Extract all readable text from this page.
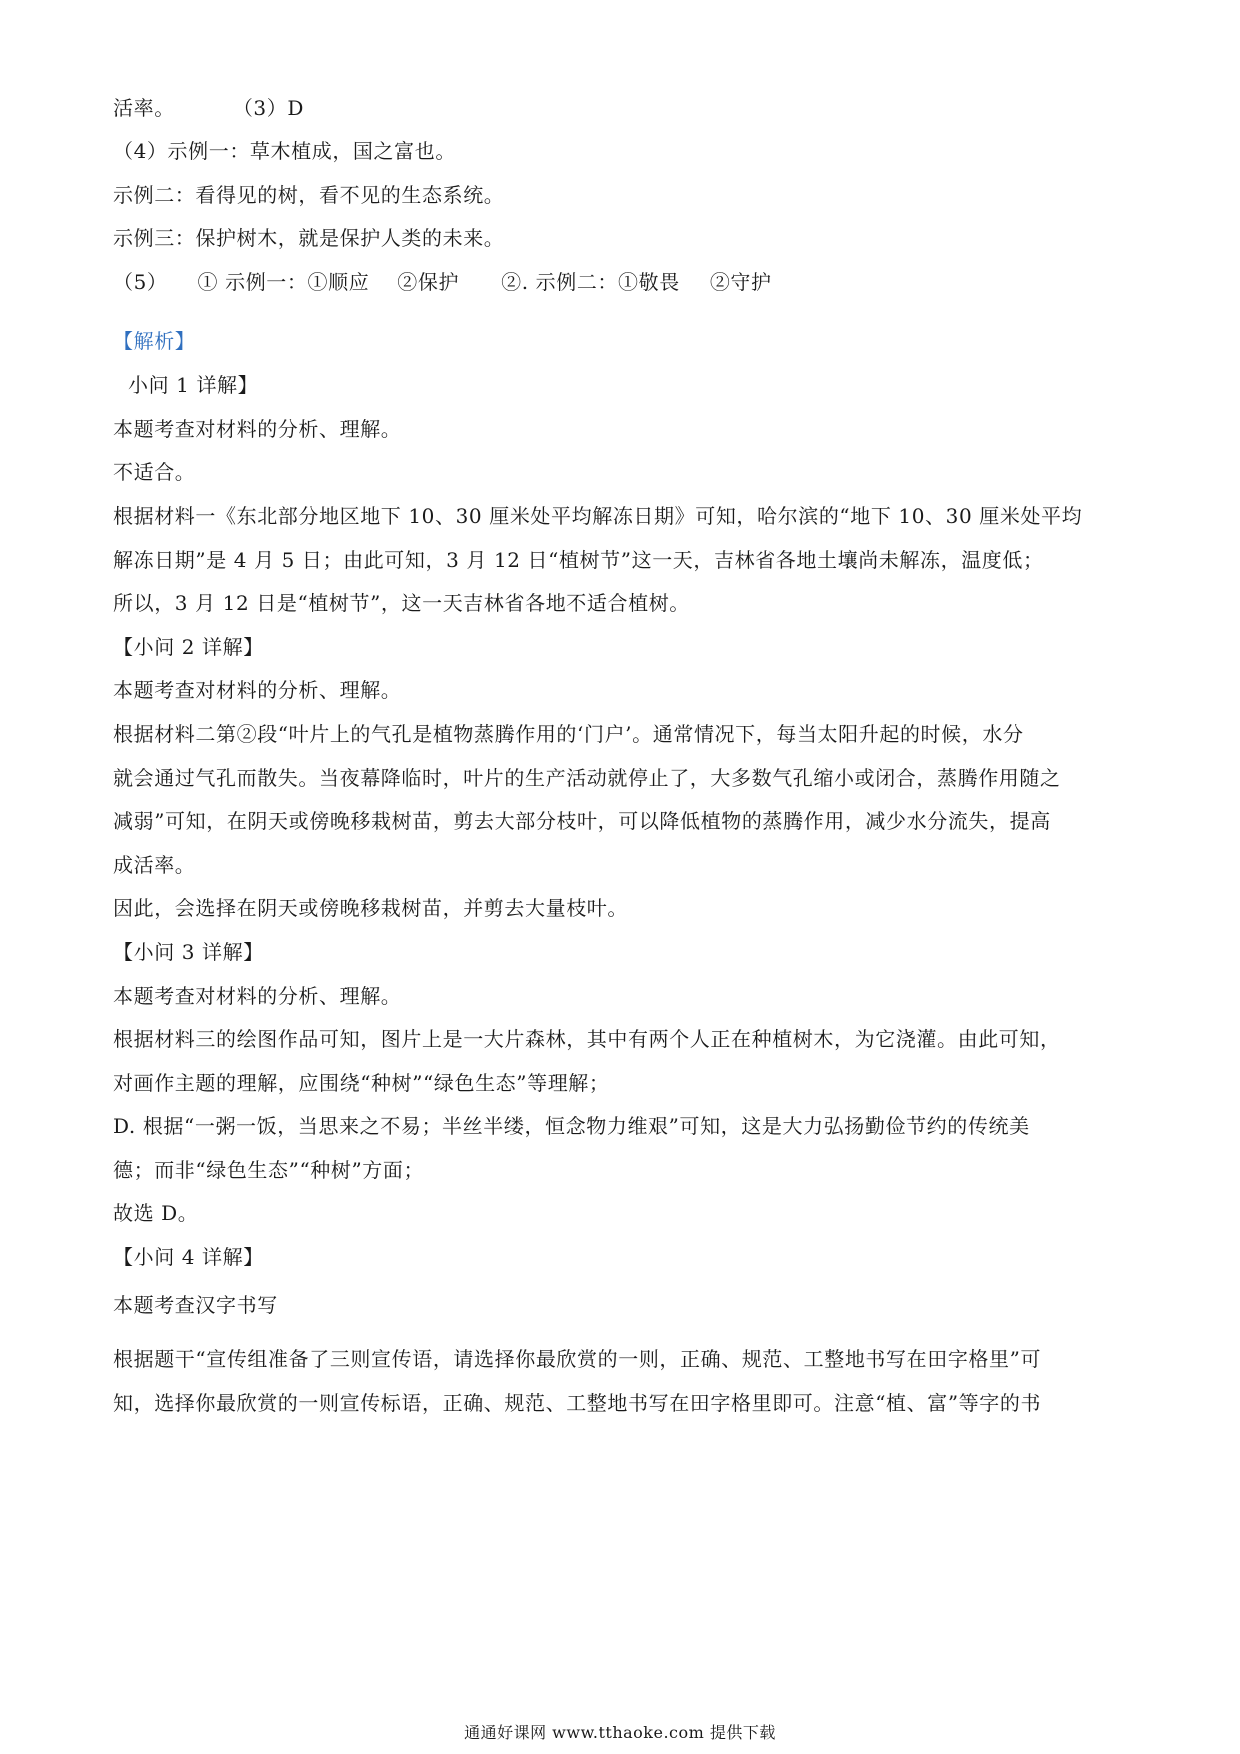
活率。	（3）D
（4）示例一：草木植成，国之富也。
示例二：看得见的树，看不见的生态系统。
示例三：保护树木，就是保护人类的未来。
（5） ① 示例一：①顺应 ②保护 ②. 示例二：①敬畏 ②守护
【解析】
小问 1 详解】
本题考查对材料的分析、理解。
不适合。
根据材料一《东北部分地区地下 10、30 厘米处平均解冻日期》可知，哈尔滨的“地下 10、30 厘米处平均
解冻日期”是 4 月 5 日；由此可知，3 月 12 日“植树节”这一天，吉林省各地土壤尚未解冻，温度低；
所以，3 月 12 日是“植树节”，这一天吉林省各地不适合植树。
【小问 2 详解】
本题考查对材料的分析、理解。
根据材料二第②段“叶片上的气孔是植物蒸腾作用的‘门户’。通常情况下，每当太阳升起的时候，水分
就会通过气孔而散失。当夜幕降临时，叶片的生产活动就停止了，大多数气孔缩小或闭合，蒸腾作用随之
减弱”可知，在阴天或傍晚移栽树苗，剪去大部分枝叶，可以降低植物的蒸腾作用，减少水分流失，提高
成活率。
因此，会选择在阴天或傍晚移栽树苗，并剪去大量枝叶。
【小问 3 详解】
本题考查对材料的分析、理解。
根据材料三的绘图作品可知，图片上是一大片森林，其中有两个人正在种植树木，为它浇灌。由此可知，
对画作主题的理解，应围绕“种树”“绿色生态”等理解；
D. 根据“一粥一饭，当思来之不易；半丝半缕，恒念物力维艰”可知，这是大力弘扬勤俭节约的传统美
德；而非“绿色生态”“种树”方面；
故选 D。
【小问 4 详解】
本题考查汉字书写
根据题干“宣传组准备了三则宣传语，请选择你最欣赏的一则，正确、规范、工整地书写在田字格里”可
知，选择你最欣赏的一则宣传标语，正确、规范、工整地书写在田字格里即可。注意“植、富”等字的书
通通好课网 www.tthaoke.com 提供下载
